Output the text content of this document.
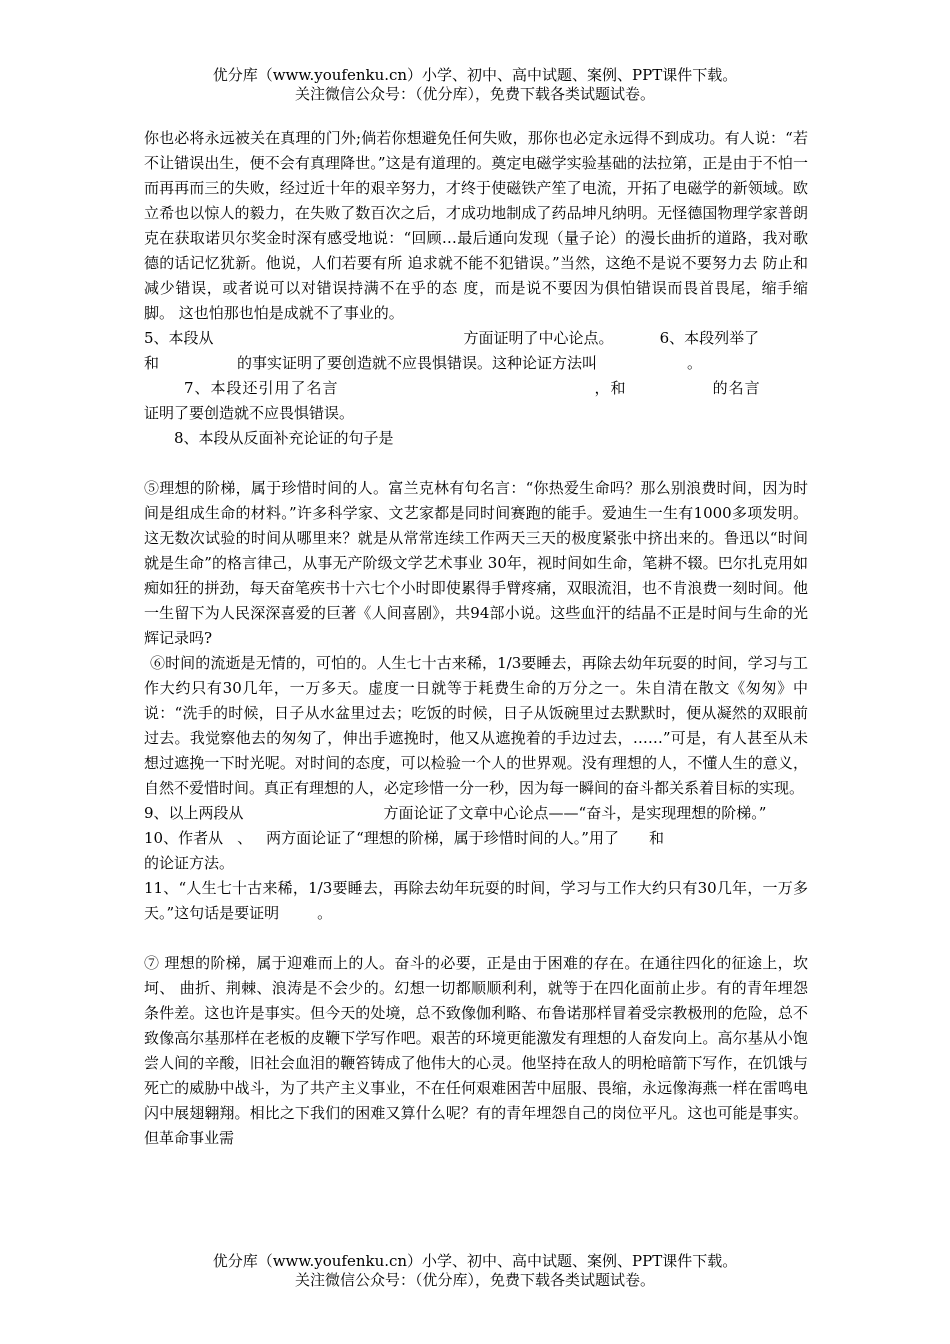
优分库（www.youfenku.cn）小学、初中、高中试题、案例、PPT课件下载。
关注微信公众号：（优分库），免费下载各类试题试卷。

你也必将永远被关在真理的门外;倘若你想避免任何失败，那你也必定永远得不到成功。有人说：“若不让错误出生，便不会有真理降世。”这是有道理的。奠定电磁学实验基础的法拉第，正是由于不怕一而再再而三的失败，经过近十年的艰辛努力，才终于使磁铁产笙了电流，开拓了电磁学的新领域。欧立希也以惊人的毅力，在失败了数百次之后，才成功地制成了药品坤凡纳明。无怪德国物理学家普朗克在获取诺贝尔奖金时深有感受地说：“回顾…最后通向发现（量子论）的漫长曲折的道路，我对歌德的话记忆犹新。他说，人们若要有所 追求就不能不犯错误。”当然，这绝不是说不要努力去 防止和减少错误，或者说可以对错误持满不在乎的态 度，而是说不要因为俱怕错误而畏首畏尾，缩手缩脚。 这也怕那也怕是成就不了事业的。

5、本段从	方面证明了中心论点。	6、本段列举了

和	的事实证明了要创造就不应畏惧错误。这种论证方法叫	。

7、本段还引用了名言	，和	的名言

证明了要创造就不应畏惧错误。

8、本段从反面补充论证的句子是

⑤理想的阶梯，属于珍惜时间的人。富兰克林有句名言：“你热爱生命吗？那么别浪费时间，因为时间是组成生命的材料。”许多科学家、文艺家都是同时间赛跑的能手。爱迪生一生有1000多项发明。这无数次试验的时间从哪里来？就是从常常连续工作两天三天的极度紧张中挤出来的。鲁迅以“时间就是生命”的格言律己，从事无产阶级文学艺术事业 30年，视时间如生命，笔耕不辍。巴尔扎克用如痴如狂的拼劲，每天奋笔疾书十六七个小时即使累得手臂疼痛，双眼流泪，也不肯浪费一刻时间。他一生留下为人民深深喜爱的巨著《人间喜剧》，共94部小说。这些血汗的结晶不正是时间与生命的光辉记录吗?

⑥时间的流逝是无情的，可怕的。人生七十古来稀，1/3要睡去，再除去幼年玩耍的时间，学习与工作大约只有30几年，一万多天。虚度一日就等于耗费生命的万分之一。朱自清在散文《匆匆》中说：“洗手的时候，日子从水盆里过去；吃饭的时候，日子从饭碗里过去默默时，便从凝然的双眼前过去。我觉察他去的匆匆了，伸出手遮挽时，他又从遮挽着的手边过去，……”可是，有人甚至从未想过遮挽一下时光呢。对时间的态度，可以检验一个人的世界观。没有理想的人，不懂人生的意义，自然不爱惜时间。真正有理想的人，必定珍惜一分一秒，因为每一瞬间的奋斗都关系着目标的实现。

9、以上两段从	方面论证了文章中心论点——“奋斗，是实现理想的阶梯。”

10、作者从 、 两方面论证了“理想的阶梯，属于珍惜时间的人。”用了 和

的论证方法。

11、“人生七十古来稀，1/3要睡去，再除去幼年玩耍的时间，学习与工作大约只有30几年，一万多天。”这句话是要证明	。

⑦ 理想的阶梯，属于迎难而上的人。奋斗的必要，正是由于困难的存在。在通往四化的征途上，坎坷、 曲折、荆棘、浪涛是不会少的。幻想一切都顺顺利利，就等于在四化面前止步。有的青年埋怨条件差。这也许是事实。但今天的处境，总不致像伽利略、布鲁诺那样冒着受宗教极刑的危险，总不致像高尔基那样在老板的皮鞭下学写作吧。艰苦的环境更能激发有理想的人奋发向上。高尔基从小饱尝人间的辛酸，旧社会血泪的鞭笞铸成了他伟大的心灵。他坚持在敌人的明枪暗箭下写作，在饥饿与死亡的威胁中战斗，为了共产主义事业，不在任何艰难困苦中屈服、畏缩，永远像海燕一样在雷鸣电闪中展翅翱翔。相比之下我们的困难又算什么呢？有的青年埋怨自己的岗位平凡。这也可能是事实。但革命事业需

优分库（www.youfenku.cn）小学、初中、高中试题、案例、PPT课件下载。
关注微信公众号：（优分库），免费下载各类试题试卷。
